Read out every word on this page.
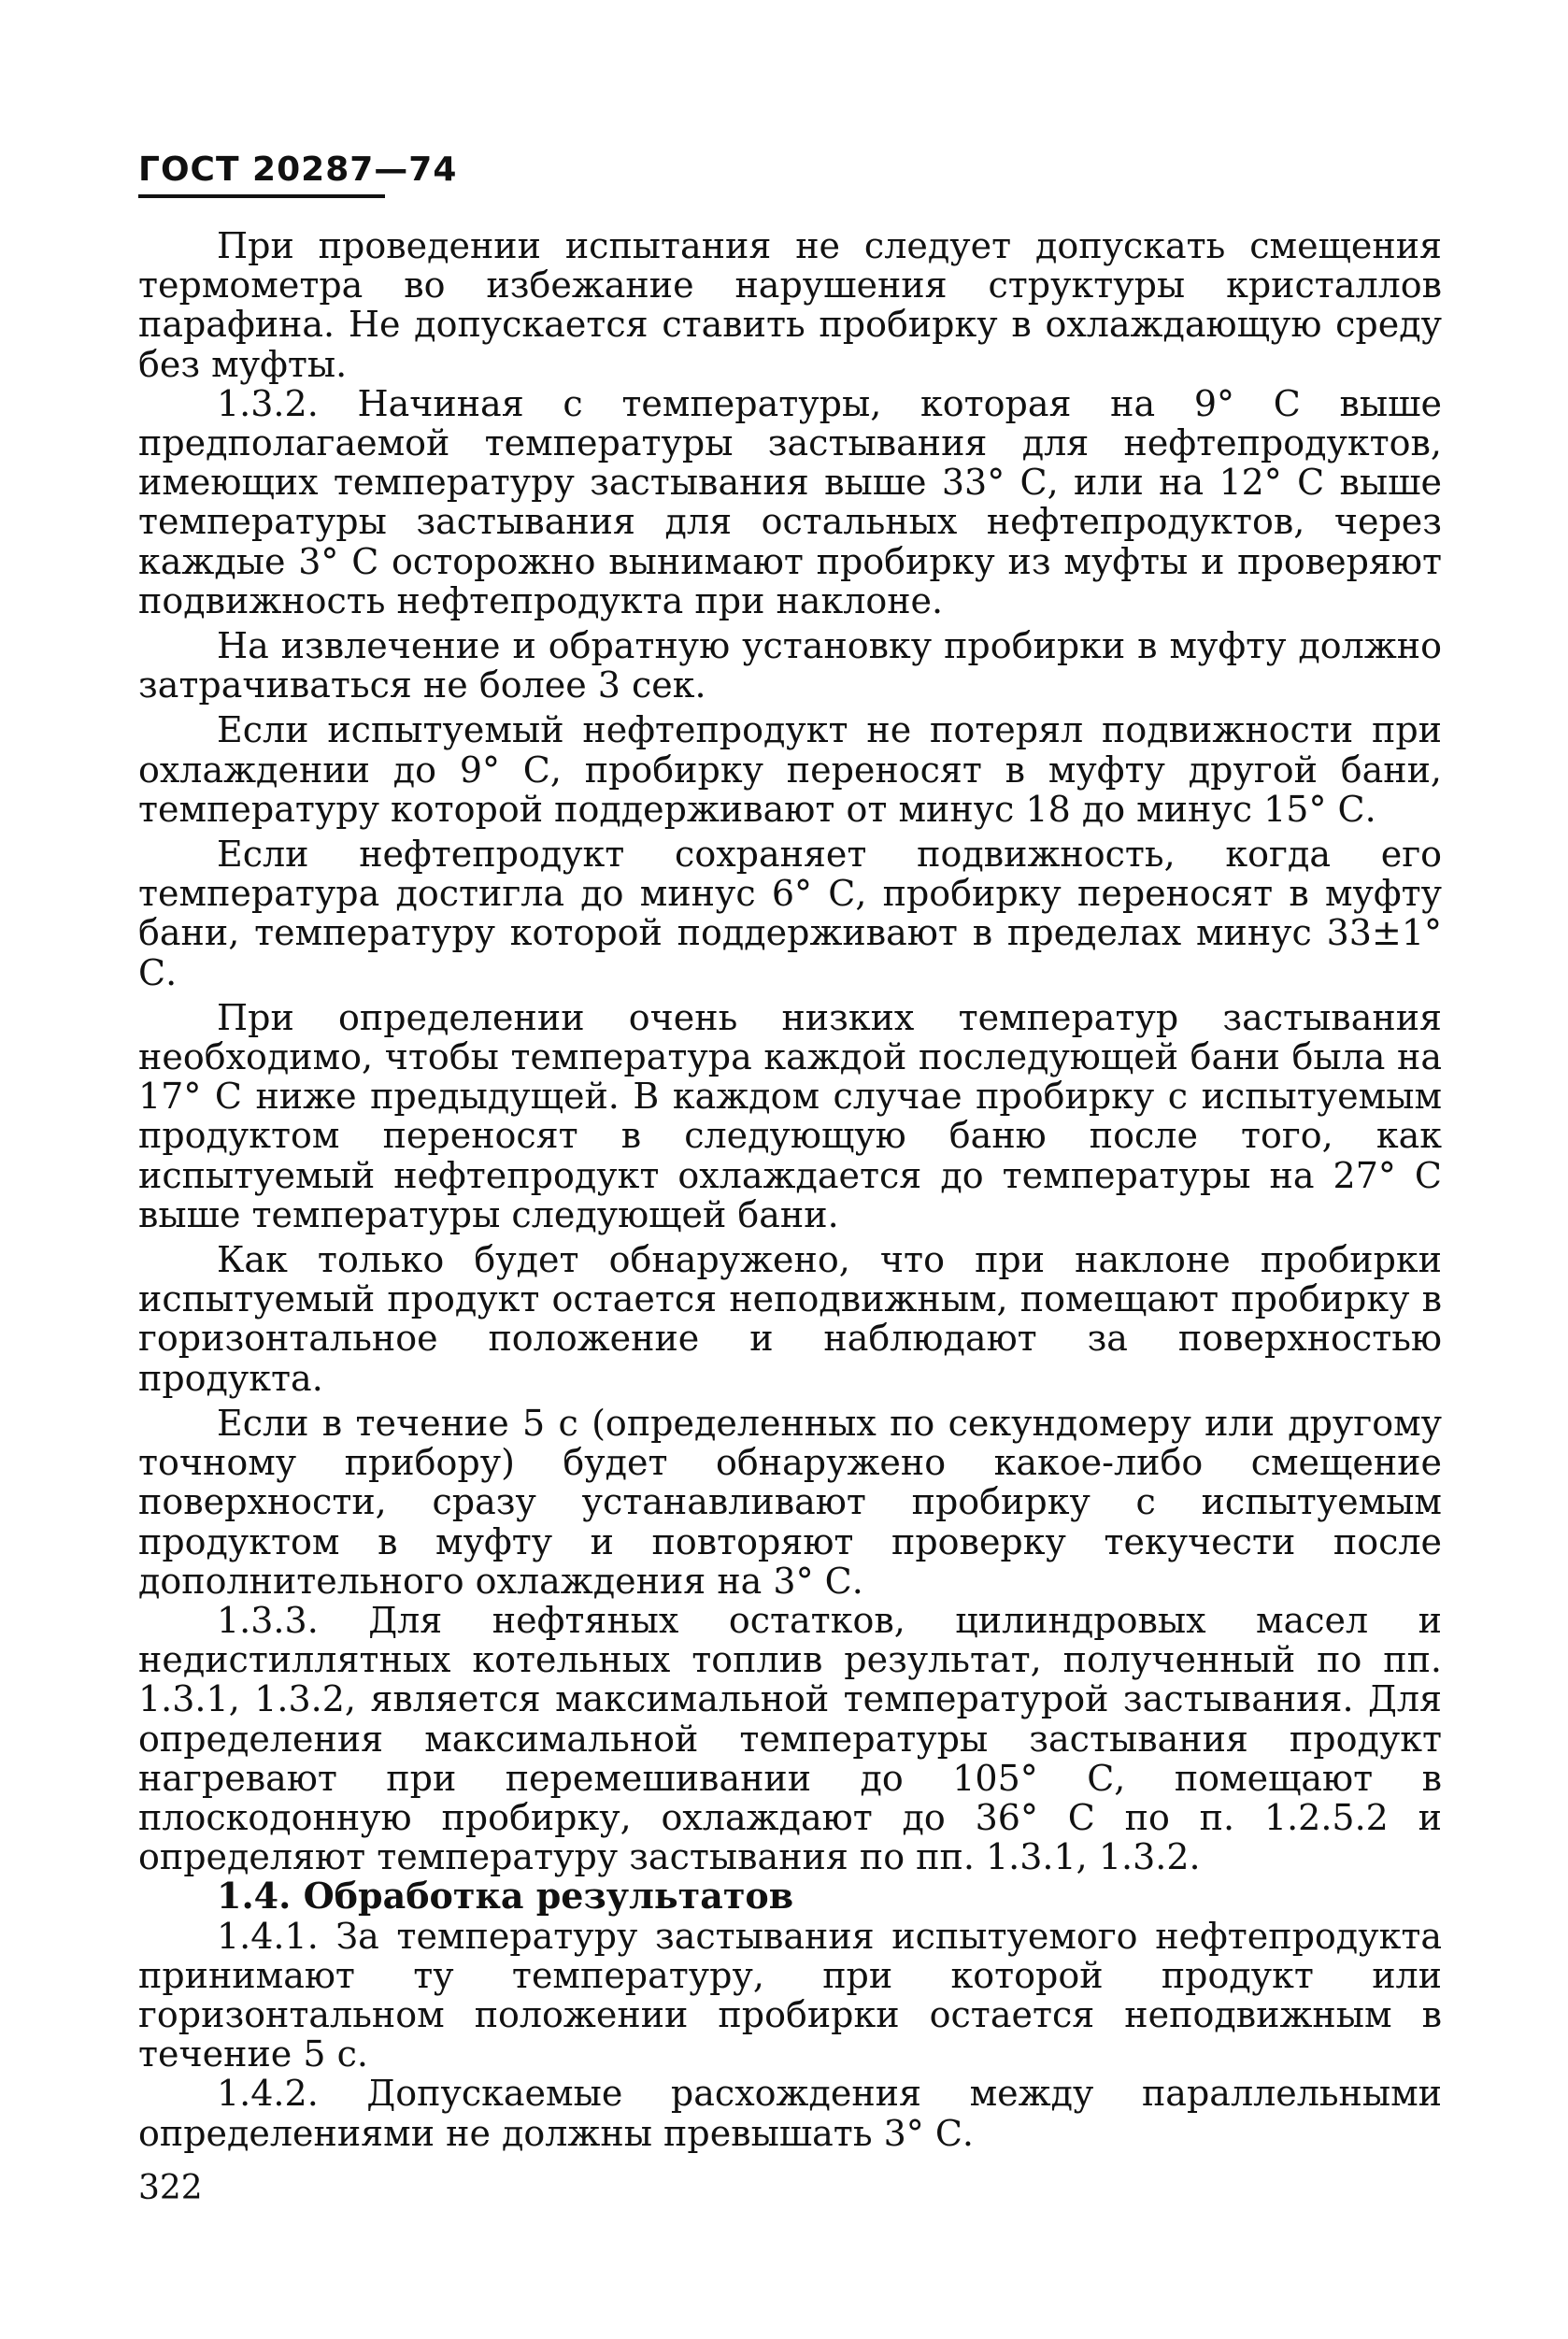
ГОСТ 20287—74

При проведении испытания не следует допускать смещения термометра во избежание нарушения структуры кристаллов парафина. Не допускается ставить пробирку в охлаждающую среду без муфты.

1.3.2. Начиная с температуры, которая на 9° С выше предполагаемой температуры застывания для нефтепродуктов, имеющих температуру застывания выше 33° С, или на 12° С выше температуры застывания для остальных нефтепродуктов, через каждые 3° С осторожно вынимают пробирку из муфты и проверяют подвижность нефтепродукта при наклоне.

На извлечение и обратную установку пробирки в муфту должно затрачиваться не более 3 сек.

Если испытуемый нефтепродукт не потерял подвижности при охлаждении до 9° С, пробирку переносят в муфту другой бани, температуру которой поддерживают от минус 18 до минус 15° С.

Если нефтепродукт сохраняет подвижность, когда его температура достигла до минус 6° С, пробирку переносят в муфту бани, температуру которой поддерживают в пределах минус 33±1° С.

При определении очень низких температур застывания необходимо, чтобы температура каждой последующей бани была на 17° С ниже предыдущей. В каждом случае пробирку с испытуемым продуктом переносят в следующую баню после того, как испытуемый нефтепродукт охлаждается до температуры на 27° С выше температуры следующей бани.

Как только будет обнаружено, что при наклоне пробирки испытуемый продукт остается неподвижным, помещают пробирку в горизонтальное положение и наблюдают за поверхностью продукта.

Если в течение 5 с (определенных по секундомеру или другому точному прибору) будет обнаружено какое-либо смещение поверхности, сразу устанавливают пробирку с испытуемым продуктом в муфту и повторяют проверку текучести после дополнительного охлаждения на 3° С.

1.3.3. Для нефтяных остатков, цилиндровых масел и недистиллятных котельных топлив результат, полученный по пп. 1.3.1, 1.3.2, является максимальной температурой застывания. Для определения максимальной температуры застывания продукт нагревают при перемешивании до 105° С, помещают в плоскодонную пробирку, охлаждают до 36° С по п. 1.2.5.2 и определяют температуру застывания по пп. 1.3.1, 1.3.2.

1.4. Обработка результатов

1.4.1. За температуру застывания испытуемого нефтепродукта принимают ту температуру, при которой продукт или горизонтальном положении пробирки остается неподвижным в течение 5 с.

1.4.2. Допускаемые расхождения между параллельными определениями не должны превышать 3° С.

322
